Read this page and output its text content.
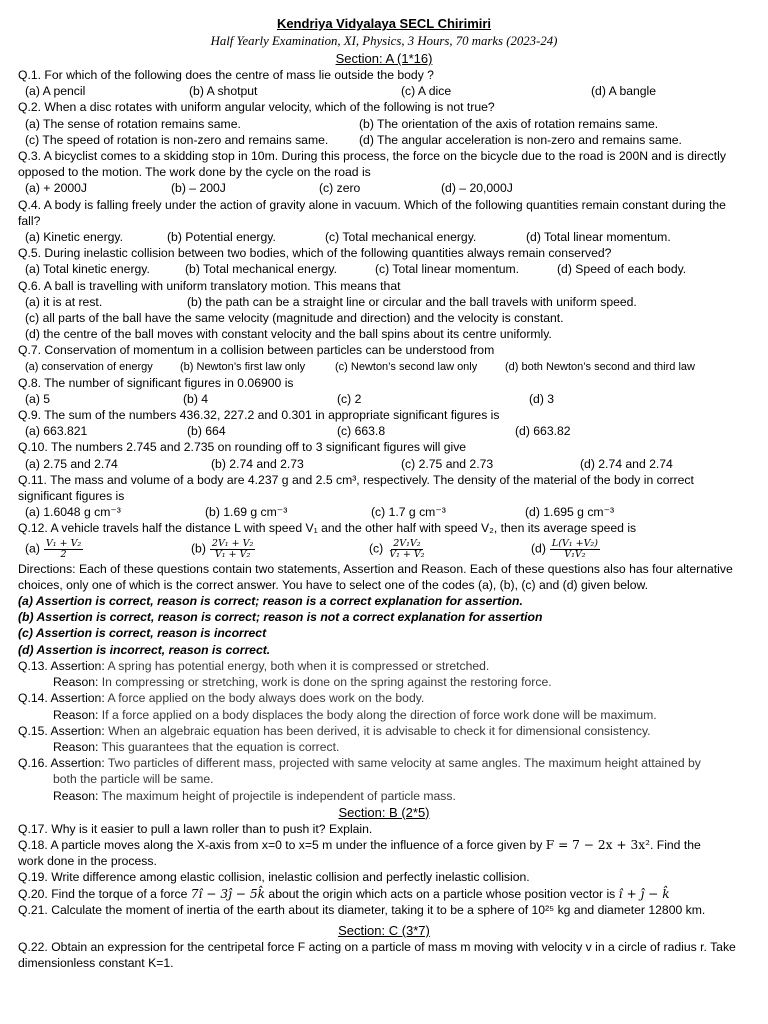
Kendriya Vidyalaya SECL Chirimiri
Half Yearly Examination, XI, Physics, 3 Hours, 70 marks (2023-24)
Section: A (1*16)
Q.1. For which of the following does the centre of mass lie outside the body ?
(a) A pencil	(b) A shotput	(c) A dice	(d) A bangle
Q.2. When a disc rotates with uniform angular velocity, which of the following is not true?
(a) The sense of rotation remains same.	(b) The orientation of the axis of rotation remains same.
(c) The speed of rotation is non-zero and remains same.	(d) The angular acceleration is non-zero and remains same.
Q.3. A bicyclist comes to a skidding stop in 10m. During this process, the force on the bicycle due to the road is 200N and is directly opposed to the motion. The work done by the cycle on the road is
(a) + 2000J	(b) – 200J	(c) zero	(d) – 20,000J
Q.4. A body is falling freely under the action of gravity alone in vacuum. Which of the following quantities remain constant during the fall?
(a) Kinetic energy.	(b) Potential energy.	(c) Total mechanical energy.	(d) Total linear momentum.
Q.5. During inelastic collision between two bodies, which of the following quantities always remain conserved?
(a) Total kinetic energy.	(b) Total mechanical energy.	(c) Total linear momentum.	(d) Speed of each body.
Q.6. A ball is travelling with uniform translatory motion. This means that
(a) it is at rest.	(b) the path can be a straight line or circular and the ball travels with uniform speed.
(c) all parts of the ball have the same velocity (magnitude and direction) and the velocity is constant.
(d) the centre of the ball moves with constant velocity and the ball spins about its centre uniformly.
Q.7. Conservation of momentum in a collision between particles can be understood from
(a) conservation of energy (b) Newton’s first law only	(c) Newton’s second law only	(d) both Newton’s second and third law
Q.8. The number of significant figures in 0.06900 is
(a) 5	(b) 4	(c) 2	(d) 3
Q.9. The sum of the numbers 436.32, 227.2 and 0.301 in appropriate significant figures is
(a) 663.821	(b) 664	(c) 663.8	(d) 663.82
Q.10. The numbers 2.745 and 2.735 on rounding off to 3 significant figures will give
(a) 2.75 and 2.74	(b) 2.74 and 2.73	(c) 2.75 and 2.73	(d) 2.74 and 2.74
Q.11. The mass and volume of a body are 4.237 g and 2.5 cm³, respectively. The density of the material of the body in correct significant figures is
(a) 1.6048 g cm⁻³	(b) 1.69 g cm⁻³	(c) 1.7 g cm⁻³	(d) 1.695 g cm⁻³
Q.12. A vehicle travels half the distance L with speed V₁ and the other half with speed V₂, then its average speed is
$(a) \frac{\text{V₁ + V₂}}{2}$	$(b) \frac{\text{2V₁ + V₂}}{\text{V₁ + V₂}}$	$(c) \frac{\text{2V₁V₂}}{\text{V₁ + V₂}}$	$(d) \frac{\text{L(V₁ +V₂)}}{\text{V₁V₂}}$
Directions: Each of these questions contain two statements, Assertion and Reason. Each of these questions also has four alternative choices, only one of which is the correct answer. You have to select one of the codes (a), (b), (c) and (d) given below.
(a) Assertion is correct, reason is correct; reason is a correct explanation for assertion.
(b) Assertion is correct, reason is correct; reason is not a correct explanation for assertion
(c) Assertion is correct, reason is incorrect
(d) Assertion is incorrect, reason is correct.
Q.13. Assertion: A spring has potential energy, both when it is compressed or stretched.
Reason: In compressing or stretching, work is done on the spring against the restoring force.
Q.14. Assertion: A force applied on the body always does work on the body.
Reason: If a force applied on a body displaces the body along the direction of force work done will be maximum.
Q.15. Assertion: When an algebraic equation has been derived, it is advisable to check it for dimensional consistency.
Reason: This guarantees that the equation is correct.
Q.16. Assertion: Two particles of different mass, projected with same velocity at same angles. The maximum height attained by
both the particle will be same.
Reason: The maximum height of projectile is independent of particle mass.
Section: B (2*5)
Q.17. Why is it easier to pull a lawn roller than to push it? Explain.
Q.18. A particle moves along the X-axis from x=0 to x=5 m under the influence of a force given by F = 7 − 2x + 3x². Find the
work done in the process.
Q.19. Write difference among elastic collision, inelastic collision and perfectly inelastic collision.
Q.20. Find the torque of a force 7î − 3ĵ − 5k̂ about the origin which acts on a particle whose position vector is î + ĵ − k̂
Q.21. Calculate the moment of inertia of the earth about its diameter, taking it to be a sphere of 10²⁵ kg and diameter 12800 km.
Section: C (3*7)
Q.22. Obtain an expression for the centripetal force F acting on a particle of mass m moving with velocity v in a circle of radius r. Take dimensionless constant K=1.
